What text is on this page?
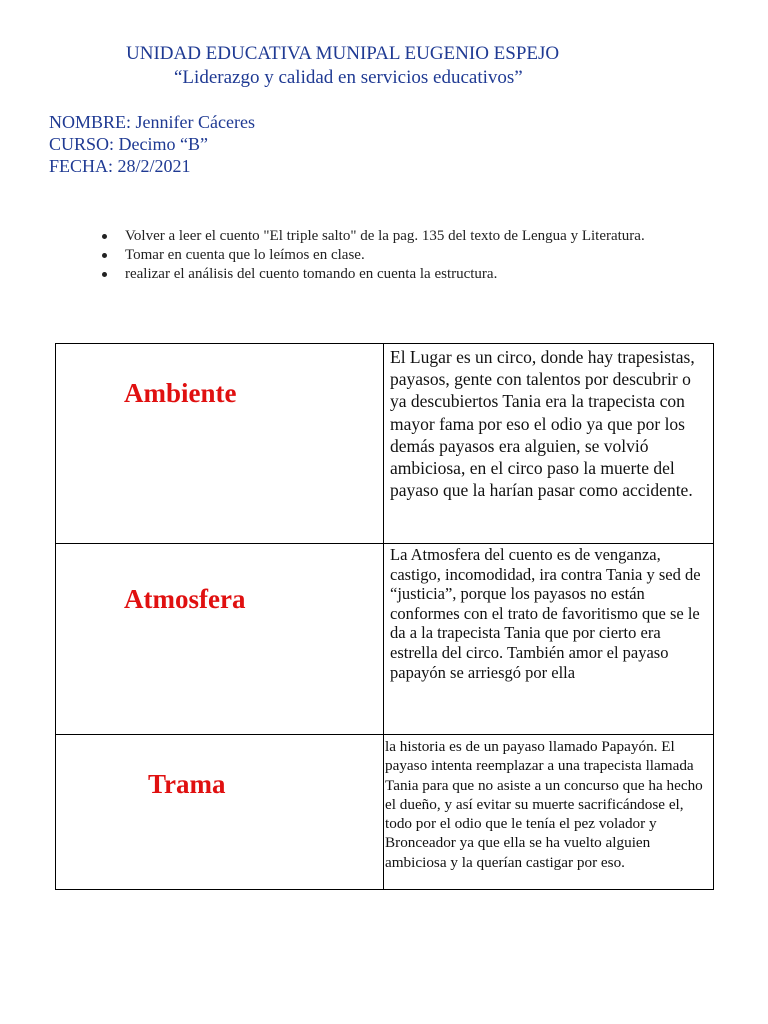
UNIDAD EDUCATIVA MUNIPAL EUGENIO ESPEJO
“Liderazgo y calidad en servicios educativos”
NOMBRE: Jennifer Cáceres
CURSO: Decimo “B”
FECHA: 28/2/2021
Volver a leer el cuento "El triple salto" de la pag. 135 del texto de Lengua y Literatura.
Tomar en cuenta que lo leímos en clase.
realizar el análisis del cuento tomando en cuenta la estructura.
Ambiente	El Lugar es un circo, donde hay trapesistas, payasos, gente con talentos por descubrir o ya descubiertos Tania era la trapecista con mayor fama por eso el odio ya que por los demás payasos era alguien, se volvió ambiciosa, en el circo paso la muerte del payaso que la harían pasar como accidente.

Atmosfera	La Atmosfera del cuento es de venganza, castigo, incomodidad, ira contra Tania y sed de “justicia”, porque los payasos no están conformes con el trato de favoritismo que se le da a la trapecista Tania que por cierto era estrella del circo. También amor el payaso papayón se arriesgó por ella

Trama	la historia es de un payaso llamado Papayón. El payaso intenta reemplazar a una trapecista llamada Tania para que no asiste a un concurso que ha hecho el dueño, y así evitar su muerte sacrificándose el, todo por el odio que le tenía el pez volador y Bronceador ya que ella se ha vuelto alguien ambiciosa y la querían castigar por eso.
